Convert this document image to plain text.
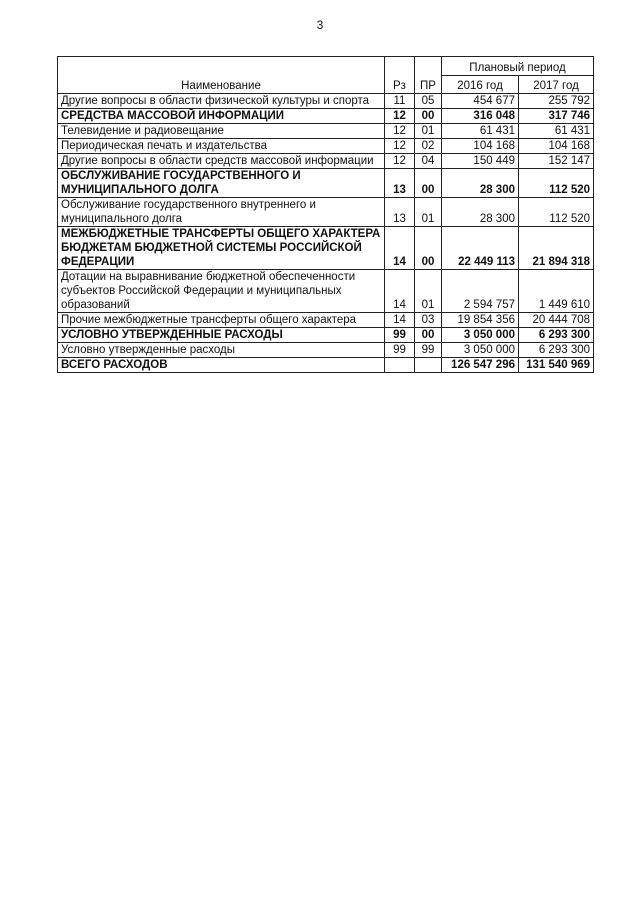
3
Наименование	Рз	ПР	Плановый период	
			2016 год	2017 год
Другие вопросы в области физической культуры и спорта	11	05	454 677	255 792
СРЕДСТВА МАССОВОЙ ИНФОРМАЦИИ	12	00	316 048	317 746
Телевидение и радиовещание	12	01	61 431	61 431
Периодическая печать и издательства	12	02	104 168	104 168
Другие вопросы в области средств массовой информации	12	04	150 449	152 147
ОБСЛУЖИВАНИЕ ГОСУДАРСТВЕННОГО И МУНИЦИПАЛЬНОГО ДОЛГА	13	00	28 300	112 520
Обслуживание государственного внутреннего и муниципального долга	13	01	28 300	112 520
МЕЖБЮДЖЕТНЫЕ ТРАНСФЕРТЫ ОБЩЕГО ХАРАКТЕРА БЮДЖЕТАМ БЮДЖЕТНОЙ СИСТЕМЫ РОССИЙСКОЙ ФЕДЕРАЦИИ	14	00	22 449 113	21 894 318
Дотации на выравнивание бюджетной обеспеченности субъектов Российской Федерации и муниципальных образований	14	01	2 594 757	1 449 610
Прочие межбюджетные трансферты общего характера	14	03	19 854 356	20 444 708
УСЛОВНО УТВЕРЖДЕННЫЕ РАСХОДЫ	99	00	3 050 000	6 293 300
Условно утвержденные расходы	99	99	3 050 000	6 293 300
ВСЕГО РАСХОДОВ			126 547 296	131 540 969
